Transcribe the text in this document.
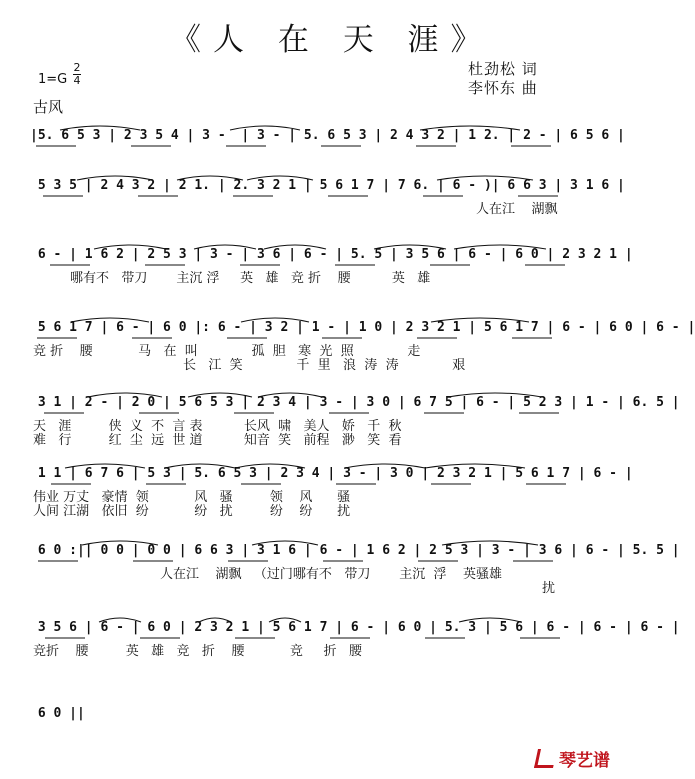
《人 在 天 涯》
杜劲松 词
李怀东 曲
$1=G \frac{2}{4}$
古风
|5. 6 5 3 | 2 3 5 4 | 3 -  | 3 - | 5. 6 5 3 | 2 4 3 2 | 1 2. | 2 - | 6 5 6 |
5 3 5 | 2 4 3 2 | 2 1. | 2. 3 2 1 | 5 6 1 7 | 7 6. | 6 - )| 6 6 3 | 3 1 6 |
人在江    湖飘
6 - | 1 6 2 | 2 5 3 | 3 - | 3 6 | 6 - | 5. 5 | 3 5 6 | 6 - | 6 0 | 2 3 2 1 |
哪有不   带刀       主沉 浮     英   雄   竞 折    腰          英   雄
5 6 1 7 | 6 - | 6 0 |: 6 - | 3 2 | 1 - | 1 0 | 2 3 2 1 | 5 6 1 7 | 6 - | 6 0 | 6 - |
竞 折    腰           马   在  叫             孤  胆   寒  光  照             走
长   江  笑             千  里   浪  涛  涛             艰
3 1 | 2 - | 2 0 | 5 6 5 3 | 2 3 4 | 3 - | 3 0 | 6 7 5 | 6 - | 5 2 3 | 1 - | 6. 5 |
天   涯         侠  义  不  言 表          长风  啸   美人   娇   千  秋
难   行         红  尘  远  世 道          知音  笑   前程   渺   笑  看
1 1 | 6 7 6 | 5 3 | 5. 6 5 3 | 2 3 4 | 3 - | 3 0 | 2 3 2 1 | 5 6 1 7 | 6 - |
伟业 万丈   豪情  领           风   骚         领    风      骚
人间 江湖   依旧  纷           纷   扰         纷    纷      扰
6 0 :|| 0 0 | 0 0 | 6 6 3 | 3 1 6 | 6 - | 1 6 2 | 2 5 3 | 3 - | 3 6 | 6 - | 5. 5 |
人在江    湖飘   （过门哪有不   带刀       主沉  浮    英骚雄
扰
3 5 6 | 6 - | 6 0 | 2 3 2 1 | 5 6 1 7 | 6 - | 6 0 | 5. 3 | 5 6 | 6 - | 6 - | 6 - |
竞折    腰         英   雄   竞   折    腰           竞     折   腰
6 0 ||
琴艺谱
